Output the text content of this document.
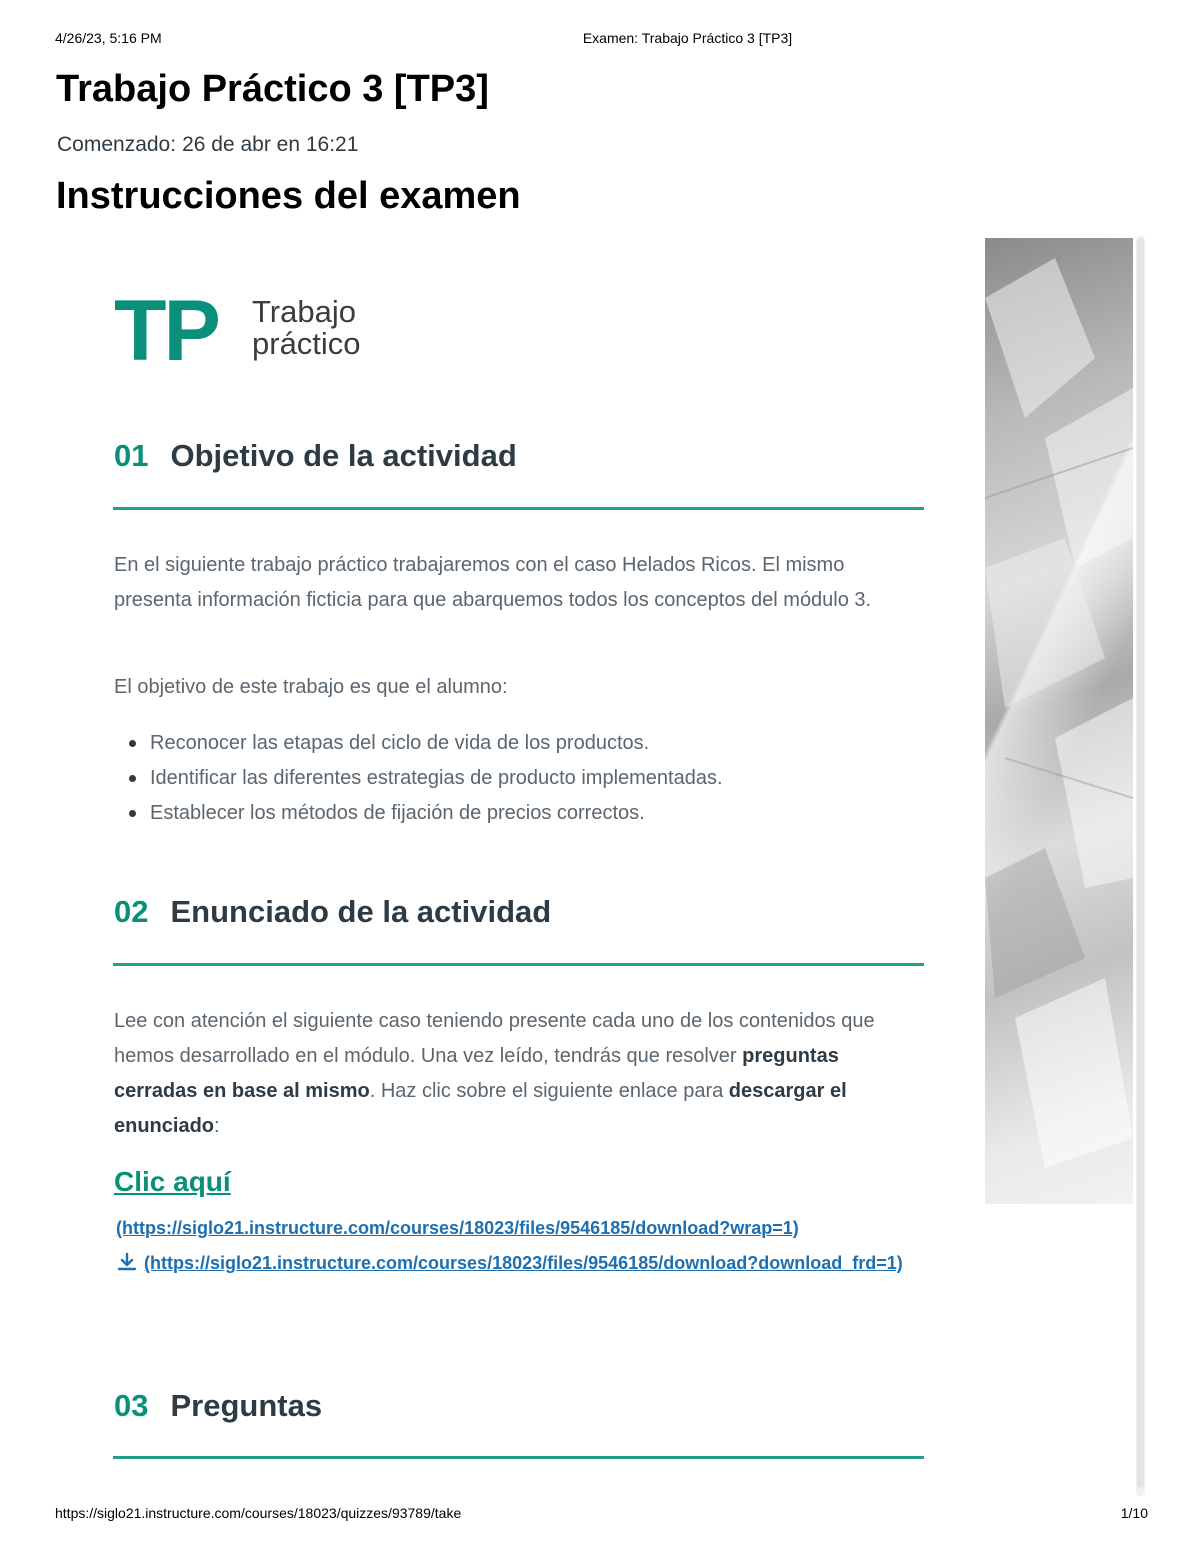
4/26/23, 5:16 PM	Examen: Trabajo Práctico 3 [TP3]
Trabajo Práctico 3 [TP3]
Comenzado: 26 de abr en 16:21
Instrucciones del examen
TP Trabajo
práctico
01 Objetivo de la actividad

En el siguiente trabajo práctico trabajaremos con el caso Helados Ricos. El mismo presenta información ficticia para que abarquemos todos los conceptos del módulo 3.

El objetivo de este trabajo es que el alumno:

Reconocer las etapas del ciclo de vida de los productos.
Identificar las diferentes estrategias de producto implementadas.
Establecer los métodos de fijación de precios correctos.
02 Enunciado de la actividad

Lee con atención el siguiente caso teniendo presente cada uno de los contenidos que hemos desarrollado en el módulo. Una vez leído, tendrás que resolver preguntas cerradas en base al mismo. Haz clic sobre el siguiente enlace para descargar el enunciado:

Clic aquí
(https://siglo21.instructure.com/courses/18023/files/9546185/download?wrap=1)
(https://siglo21.instructure.com/courses/18023/files/9546185/download?download_frd=1)
03 Preguntas
https://siglo21.instructure.com/courses/18023/quizzes/93789/take	1/10
